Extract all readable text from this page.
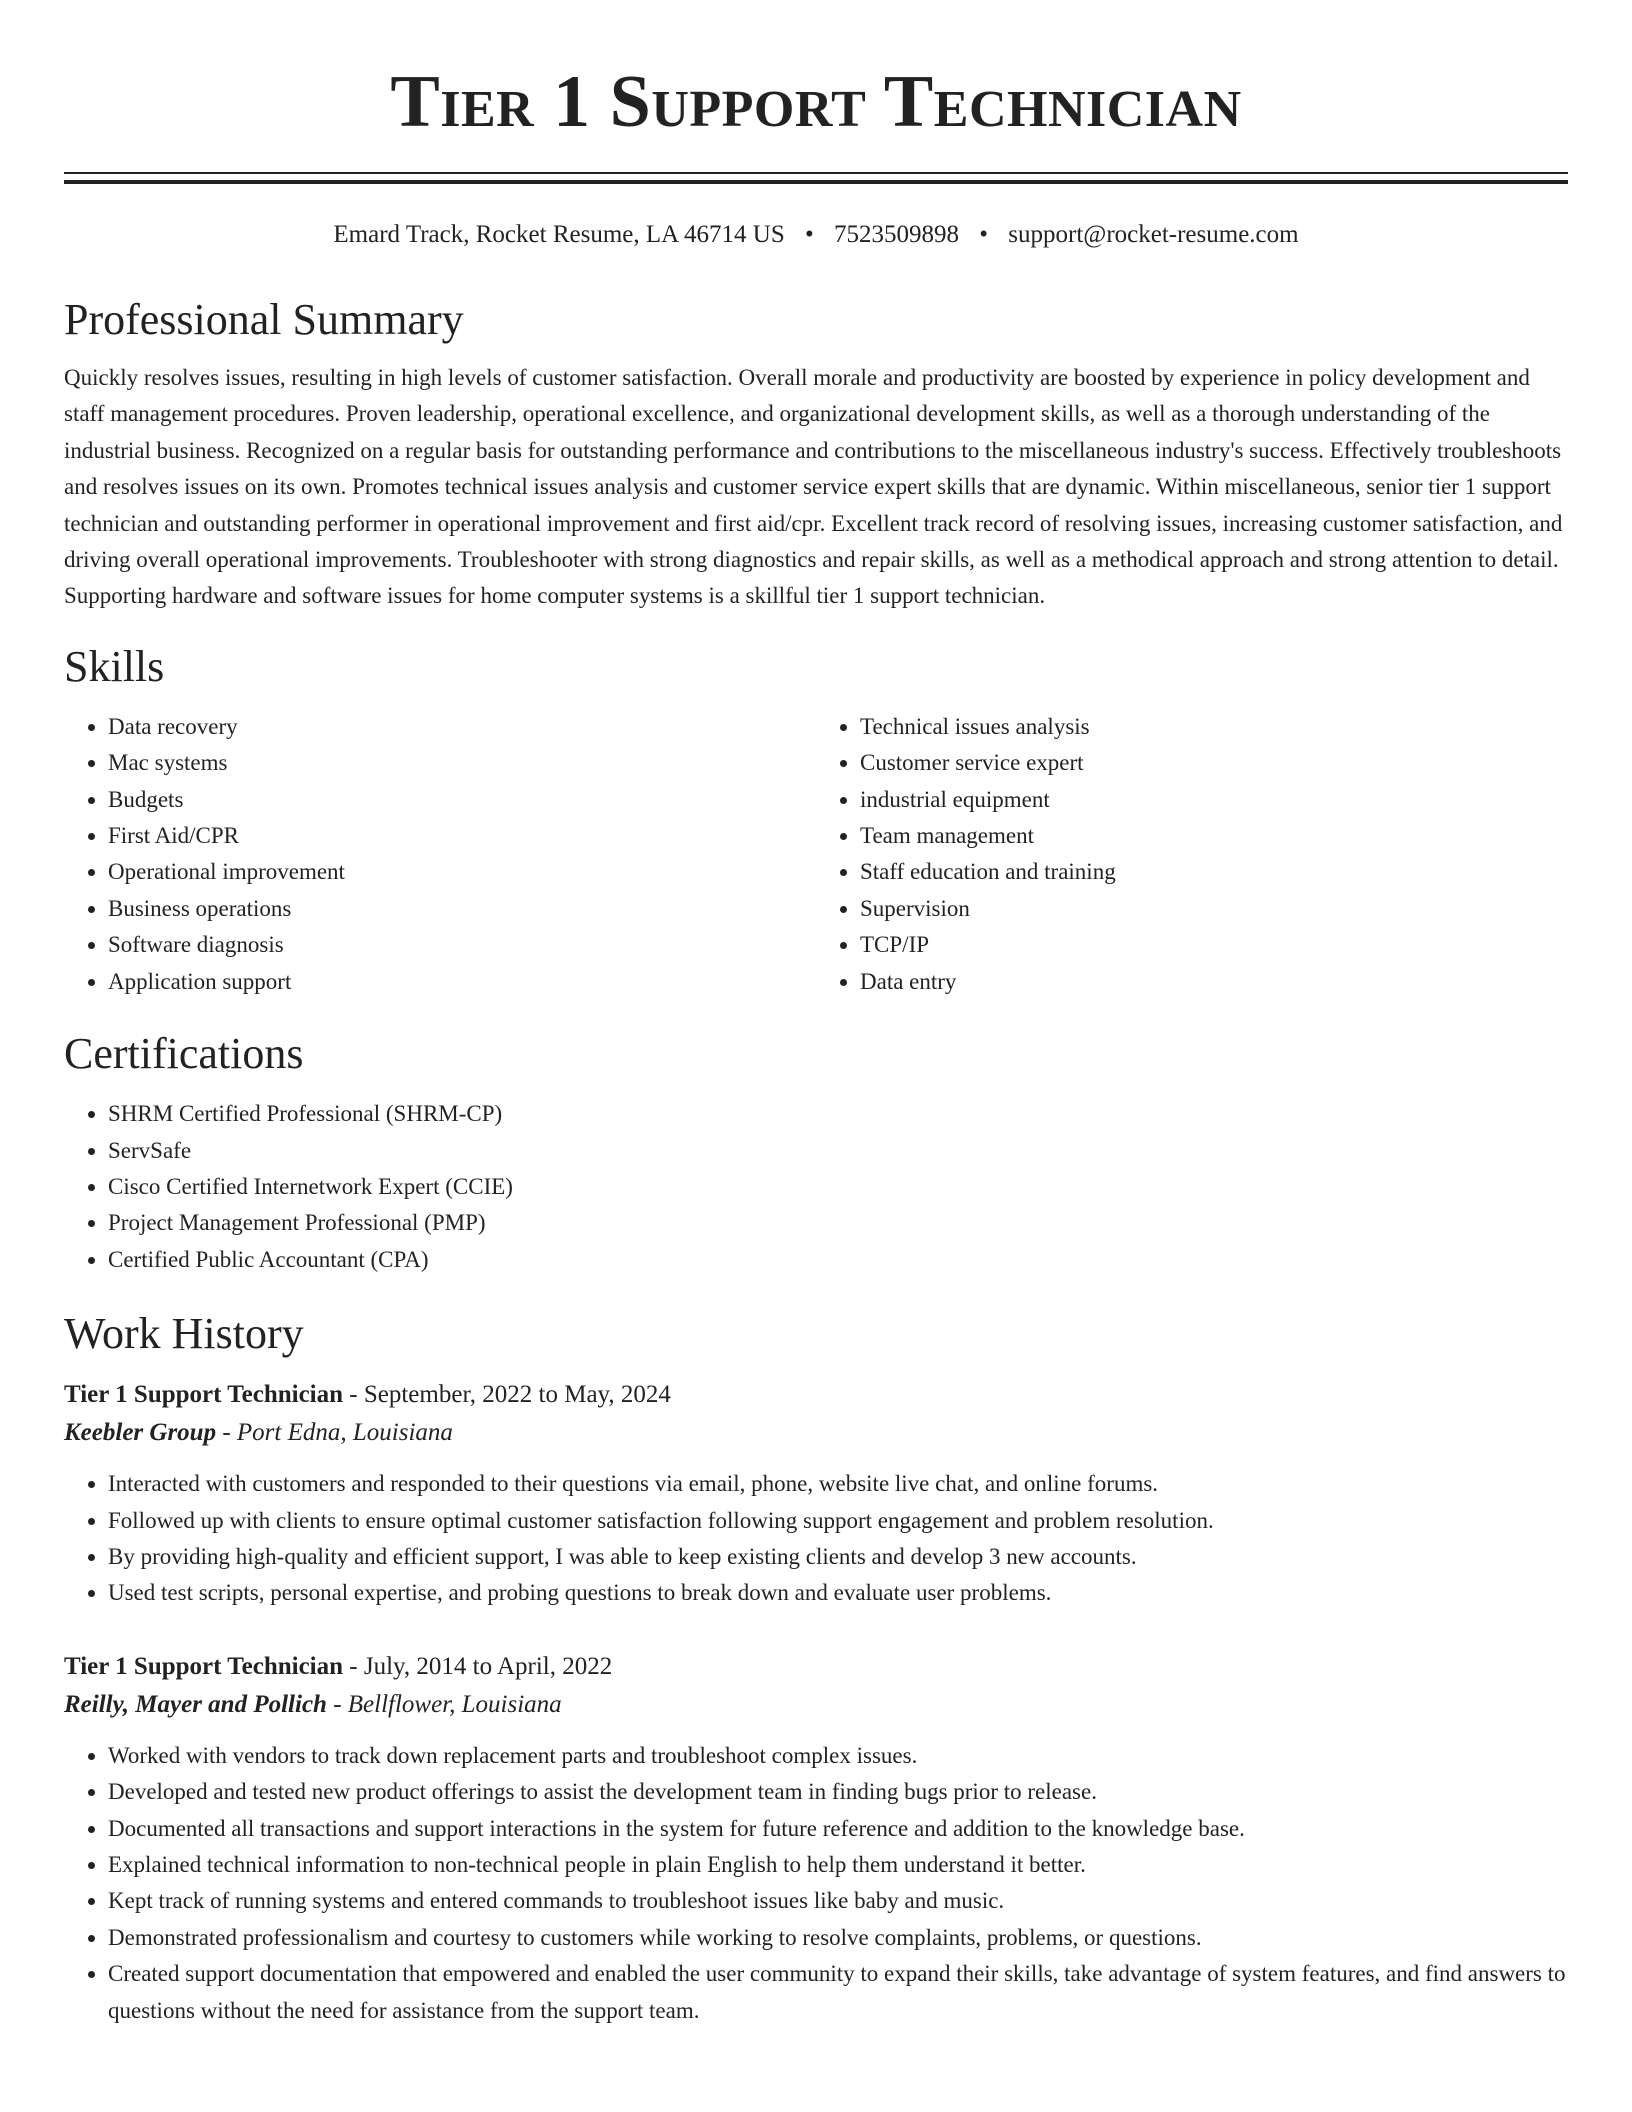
Tier 1 Support Technician
Emard Track, Rocket Resume, LA 46714 US • 7523509898 • support@rocket-resume.com
Professional Summary

Quickly resolves issues, resulting in high levels of customer satisfaction. Overall morale and productivity are boosted by experience in policy development and staff management procedures. Proven leadership, operational excellence, and organizational development skills, as well as a thorough understanding of the industrial business. Recognized on a regular basis for outstanding performance and contributions to the miscellaneous industry's success. Effectively troubleshoots and resolves issues on its own. Promotes technical issues analysis and customer service expert skills that are dynamic. Within miscellaneous, senior tier 1 support technician and outstanding performer in operational improvement and first aid/cpr. Excellent track record of resolving issues, increasing customer satisfaction, and driving overall operational improvements. Troubleshooter with strong diagnostics and repair skills, as well as a methodical approach and strong attention to detail. Supporting hardware and software issues for home computer systems is a skillful tier 1 support technician.

Skills
• Data recovery
• Mac systems
• Budgets
• First Aid/CPR
• Operational improvement
• Business operations
• Software diagnosis
• Application support
• Technical issues analysis
• Customer service expert
• industrial equipment
• Team management
• Staff education and training
• Supervision
• TCP/IP
• Data entry
Certifications
• SHRM Certified Professional (SHRM-CP)
• ServSafe
• Cisco Certified Internetwork Expert (CCIE)
• Project Management Professional (PMP)
• Certified Public Accountant (CPA)
Work History
Tier 1 Support Technician - September, 2022 to May, 2024
Keebler Group - Port Edna, Louisiana
• Interacted with customers and responded to their questions via email, phone, website live chat, and online forums.
• Followed up with clients to ensure optimal customer satisfaction following support engagement and problem resolution.
• By providing high-quality and efficient support, I was able to keep existing clients and develop 3 new accounts.
• Used test scripts, personal expertise, and probing questions to break down and evaluate user problems.
Tier 1 Support Technician - July, 2014 to April, 2022
Reilly, Mayer and Pollich - Bellflower, Louisiana
• Worked with vendors to track down replacement parts and troubleshoot complex issues.
• Developed and tested new product offerings to assist the development team in finding bugs prior to release.
• Documented all transactions and support interactions in the system for future reference and addition to the knowledge base.
• Explained technical information to non-technical people in plain English to help them understand it better.
• Kept track of running systems and entered commands to troubleshoot issues like baby and music.
• Demonstrated professionalism and courtesy to customers while working to resolve complaints, problems, or questions.
• Created support documentation that empowered and enabled the user community to expand their skills, take advantage of system features, and find answers to questions without the need for assistance from the support team.
